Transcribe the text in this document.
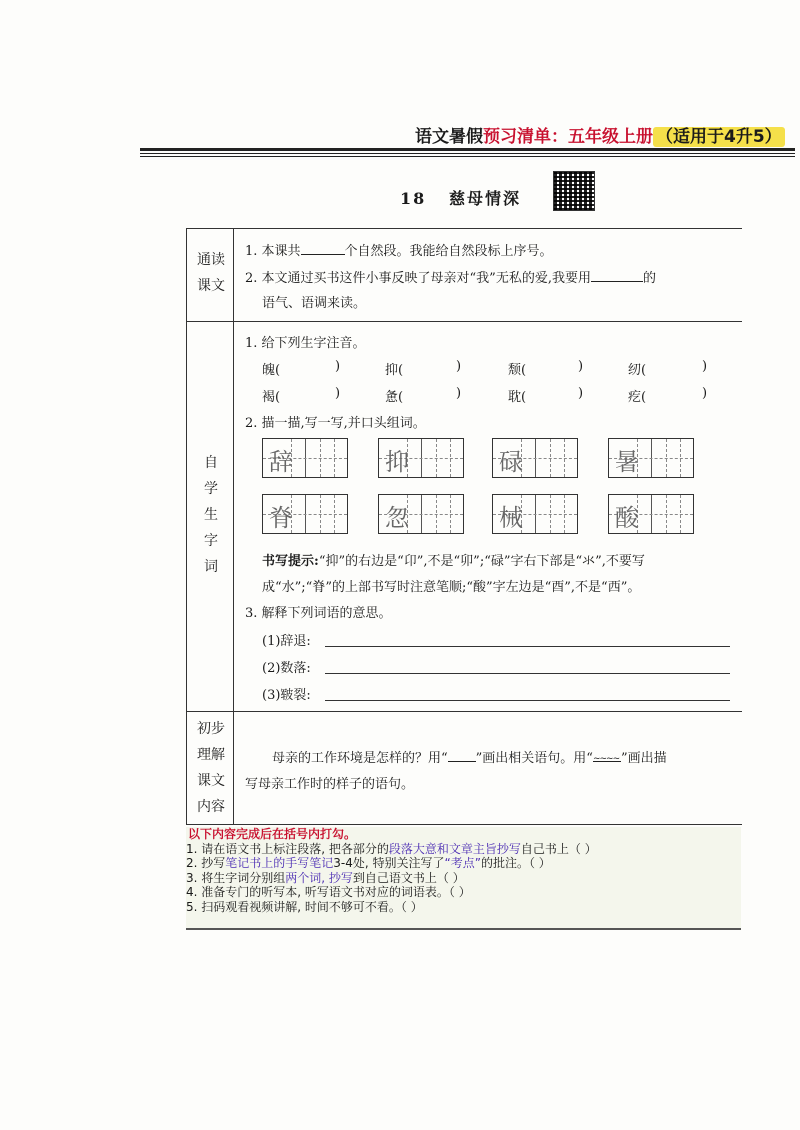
语文暑假预习清单：五年级上册 （适用于4升5）
18 慈母情深
通读
课文
1. 本课共	个自然段。我能给自然段标上序号。
2. 本文通过买书这件小事反映了母亲对“我”无私的爱,我要用	的
语气、语调来读。
自
学
生
字
词
1. 给下列生字注音。
魄(	)	抑(	)	颓(	)	纫(	)
褐(	)	惫(	)	耽(	)	疙(	)
2. 描一描,写一写,并口头组词。
辞	抑	碌	暑
脊	忽	械	酸
书写提示:“抑”的右边是“卬”,不是“卯”;“碌”字右下部是“氺”,不要写
成“水”;“脊”的上部书写时注意笔顺;“酸”字左边是“酉”,不是“西”。
3. 解释下列词语的意思。
(1)辞退:
(2)数落:
(3)皲裂:
初步
理解
课文
内容
母亲的工作环境是怎样的？用“ ”画出相关语句。用“~~~~ ”画出描
写母亲工作时的样子的语句。
以下内容完成后在括号内打勾。
1. 请在语文书上标注段落, 把各部分的段落大意和文章主旨抄写自己书上（ ）
2. 抄写笔记书上的手写笔记3-4处, 特别关注写了“考点”的批注。（ ）
3. 将生字词分别组两个词, 抄写到自己语文书上（ ）
4. 准备专门的听写本, 听写语文书对应的词语表。（ ）
5. 扫码观看视频讲解, 时间不够可不看。（ ）
